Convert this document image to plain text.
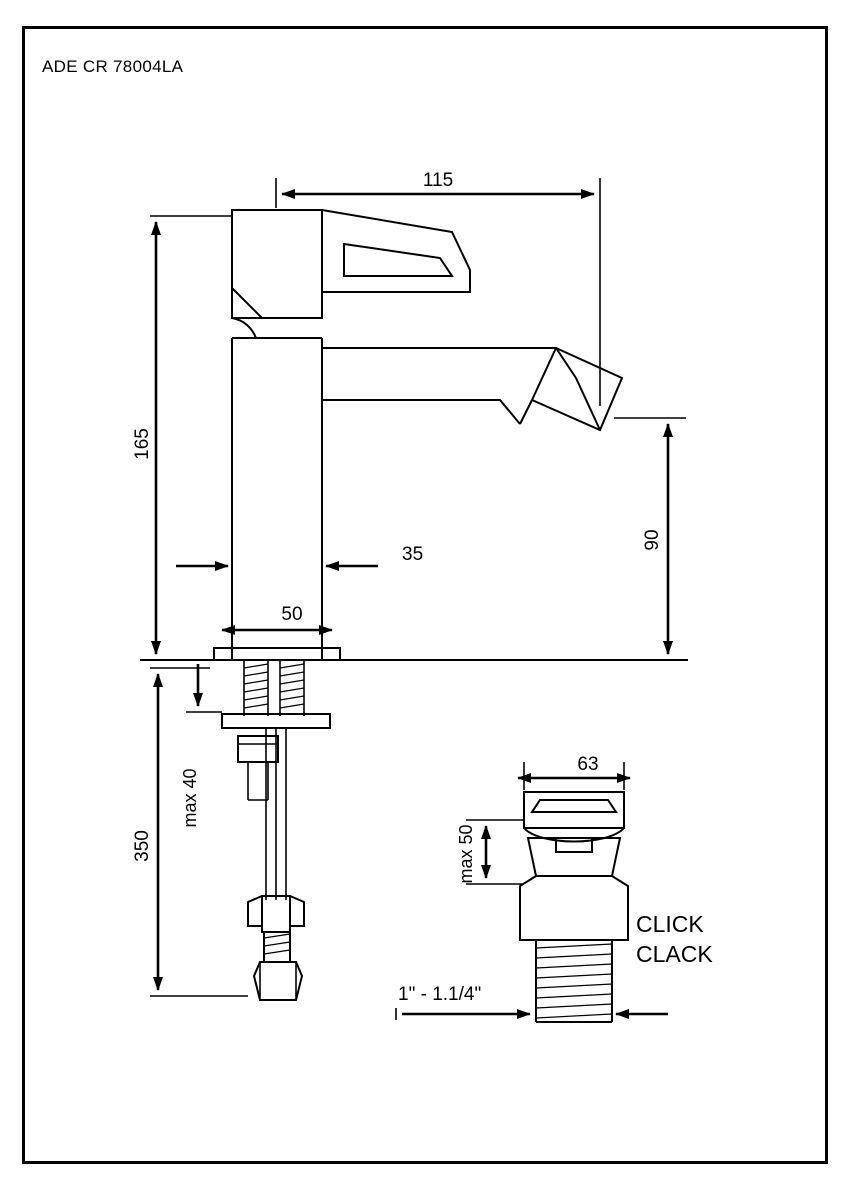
ADE CR 78004LA
115
165
90
35
50
350
max 40
63
max 50
1" - 1.1/4"
CLICK
CLACK
